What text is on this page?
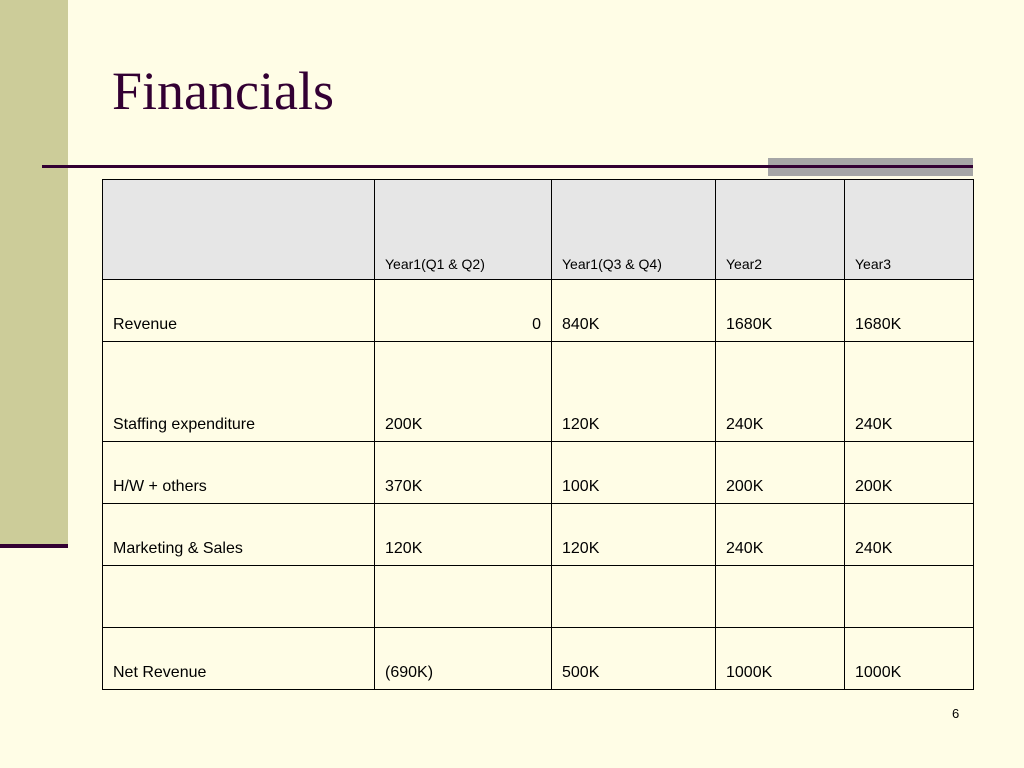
Financials
	Year1(Q1 & Q2)	Year1(Q3 & Q4)	Year2	Year3
Revenue	0	840K	1680K	1680K
Staffing expenditure	200K	120K	240K	240K
H/W + others	370K	100K	200K	200K
Marketing & Sales	120K	120K	240K	240K

Net Revenue	(690K)	500K	1000K	1000K
6
